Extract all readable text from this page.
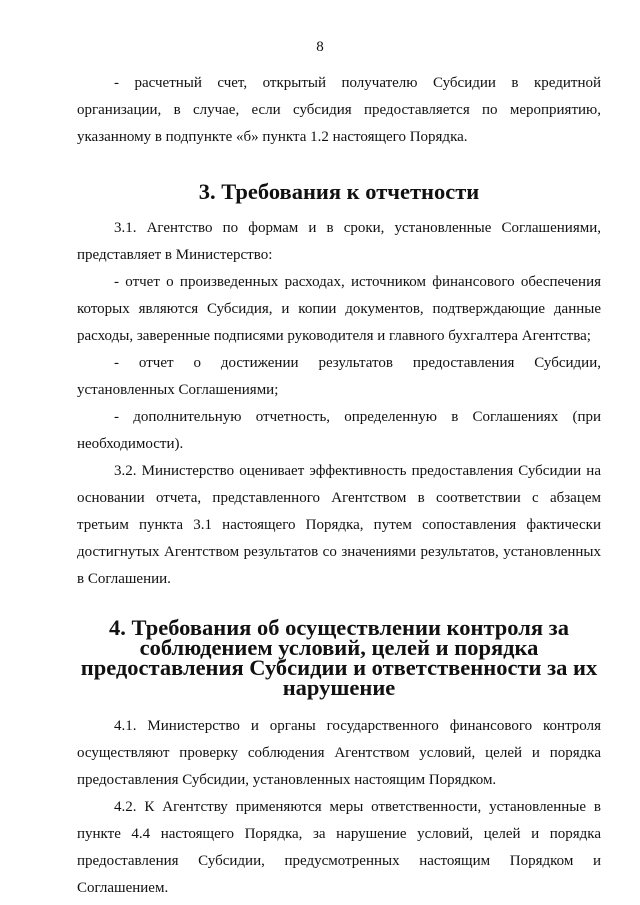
8

- расчетный счет, открытый получателю Субсидии в кредитной организации, в случае, если субсидия предоставляется по мероприятию, указанному в подпункте «б» пункта 1.2 настоящего Порядка.

3. Требования к отчетности

3.1. Агентство по формам и в сроки, установленные Соглашениями, представляет в Министерство:

- отчет о произведенных расходах, источником финансового обеспечения которых являются Субсидия, и копии документов, подтверждающие данные расходы, заверенные подписями руководителя и главного бухгалтера Агентства;

- отчет о достижении результатов предоставления Субсидии, установленных Соглашениями;

- дополнительную отчетность, определенную в Соглашениях (при необходимости).

3.2. Министерство оценивает эффективность предоставления Субсидии на основании отчета, представленного Агентством в соответствии с абзацем третьим пункта 3.1 настоящего Порядка, путем сопоставления фактически достигнутых Агентством результатов со значениями результатов, установленных в Соглашении.

4. Требования об осуществлении контроля за соблюдением условий, целей и порядка предоставления Субсидии и ответственности за их нарушение

4.1. Министерство и органы государственного финансового контроля осуществляют проверку соблюдения Агентством условий, целей и порядка предоставления Субсидии, установленных настоящим Порядком.

4.2. К Агентству применяются меры ответственности, установленные в пункте 4.4 настоящего Порядка, за нарушение условий, целей и порядка предоставления Субсидии, предусмотренных настоящим Порядком и Соглашением.
